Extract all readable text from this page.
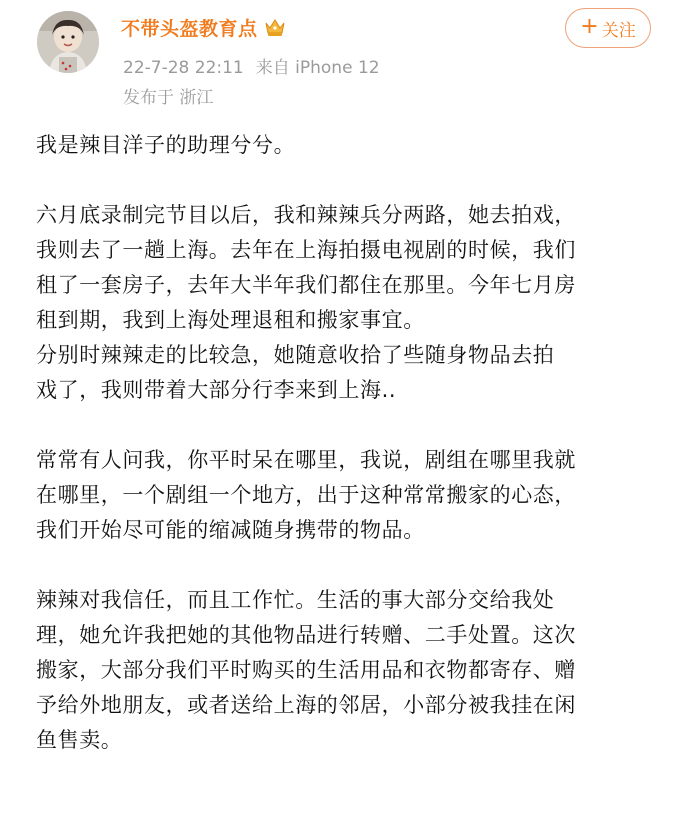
不带头盔教育点
22-7-28 22:11 来自 iPhone 12
发布于 浙江
+ 关注

我是辣目洋子的助理兮兮。

六月底录制完节目以后，我和辣辣兵分两路，她去拍戏，
我则去了一趟上海。去年在上海拍摄电视剧的时候，我们
租了一套房子，去年大半年我们都住在那里。今年七月房
租到期，我到上海处理退租和搬家事宜。

分别时辣辣走的比较急，她随意收拾了些随身物品去拍
戏了，我则带着大部分行李来到上海..

常常有人问我，你平时呆在哪里，我说，剧组在哪里我就
在哪里，一个剧组一个地方，出于这种常常搬家的心态，
我们开始尽可能的缩减随身携带的物品。

辣辣对我信任，而且工作忙。生活的事大部分交给我处
理，她允许我把她的其他物品进行转赠、二手处置。这次
搬家，大部分我们平时购买的生活用品和衣物都寄存、赠
予给外地朋友，或者送给上海的邻居，小部分被我挂在闲
鱼售卖。
